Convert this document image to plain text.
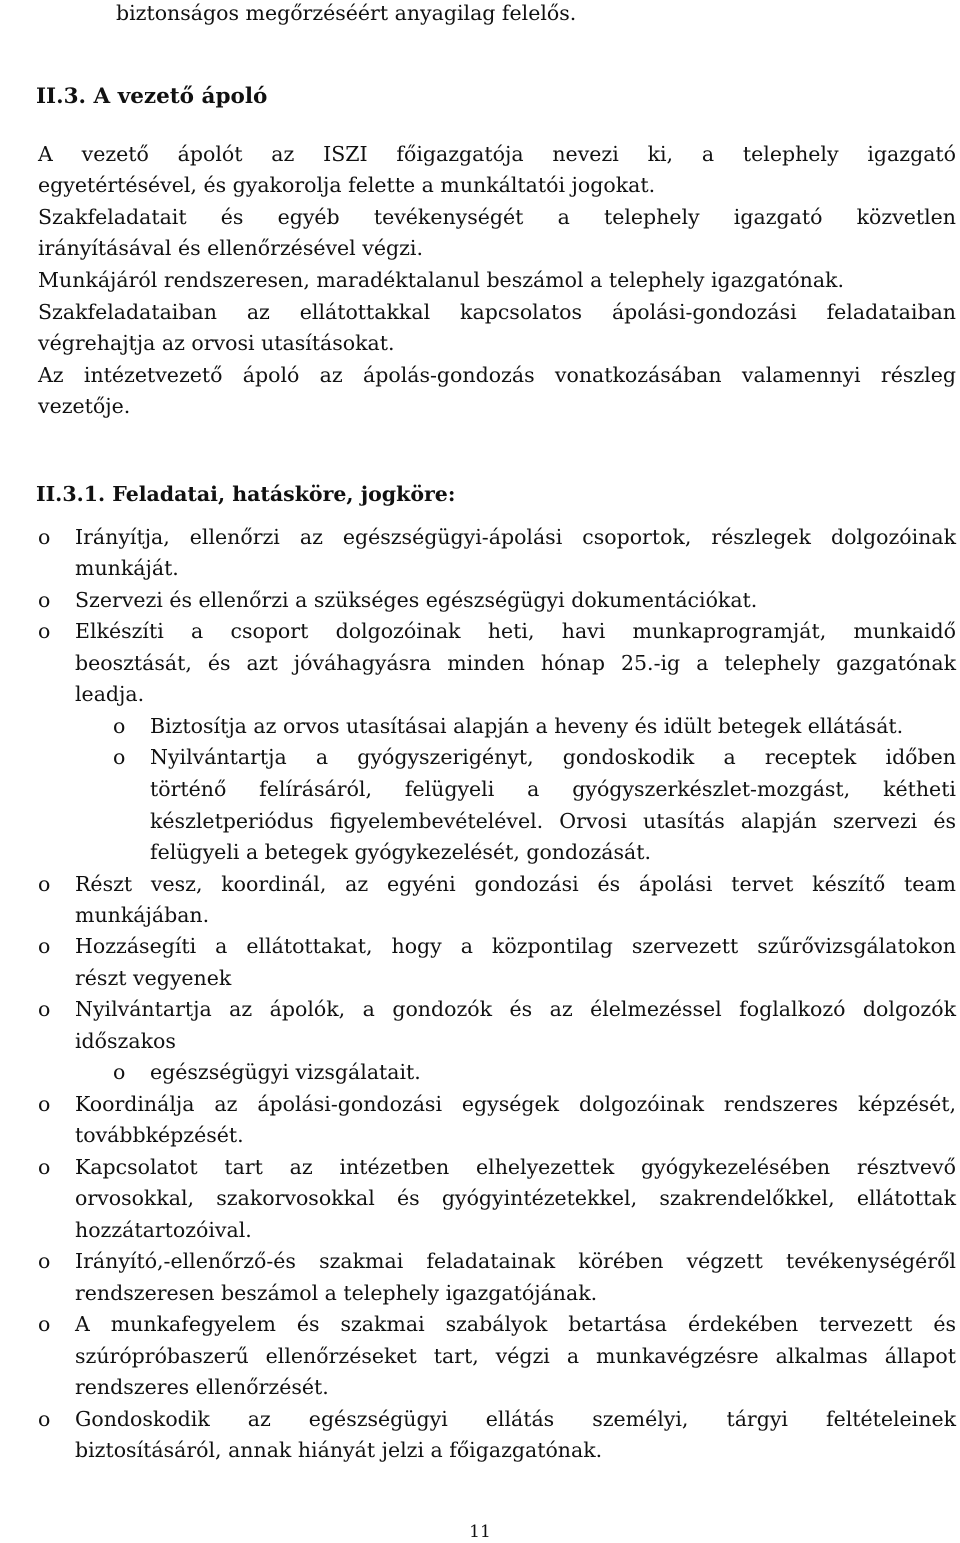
biztonságos megőrzéséért anyagilag felelős.
II.3. A vezető ápoló
A vezető ápolót az ISZI főigazgatója nevezi ki, a telephely igazgató
egyetértésével, és gyakorolja felette a munkáltatói jogokat.
Szakfeladatait és egyéb tevékenységét a telephely igazgató közvetlen
irányításával és ellenőrzésével végzi.
Munkájáról rendszeresen, maradéktalanul beszámol a telephely igazgatónak.
Szakfeladataiban az ellátottakkal kapcsolatos ápolási-gondozási feladataiban
végrehajtja az orvosi utasításokat.
Az intézetvezető ápoló az ápolás-gondozás vonatkozásában valamennyi részleg
vezetője.
II.3.1. Feladatai, hatásköre, jogköre:
o Irányítja, ellenőrzi az egészségügyi-ápolási csoportok, részlegek dolgozóinak
munkáját.
o Szervezi és ellenőrzi a szükséges egészségügyi dokumentációkat.
o Elkészíti a csoport dolgozóinak heti, havi munkaprogramját, munkaidő
beosztását, és azt jóváhagyásra minden hónap 25.-ig a telephely gazgatónak
leadja.
o Biztosítja az orvos utasításai alapján a heveny és idült betegek ellátását.
o Nyilvántartja a gyógyszerigényt, gondoskodik a receptek időben
történő felírásáról, felügyeli a gyógyszerkészlet-mozgást, kétheti
készletperiódus figyelembevételével. Orvosi utasítás alapján szervezi és
felügyeli a betegek gyógykezelését, gondozását.
o Részt vesz, koordinál, az egyéni gondozási és ápolási tervet készítő team
munkájában.
o Hozzásegíti a ellátottakat, hogy a központilag szervezett szűrővizsgálatokon
részt vegyenek
o Nyilvántartja az ápolók, a gondozók és az élelmezéssel foglalkozó dolgozók
időszakos
o egészségügyi vizsgálatait.
o Koordinálja az ápolási-gondozási egységek dolgozóinak rendszeres képzését,
továbbképzését.
o Kapcsolatot tart az intézetben elhelyezettek gyógykezelésében résztvevő
orvosokkal, szakorvosokkal és gyógyintézetekkel, szakrendelőkkel, ellátottak
hozzátartozóival.
o Irányító,-ellenőrző-és szakmai feladatainak körében végzett tevékenységéről
rendszeresen beszámol a telephely igazgatójának.
o A munkafegyelem és szakmai szabályok betartása érdekében tervezett és
szúrópróbaszerű ellenőrzéseket tart, végzi a munkavégzésre alkalmas állapot
rendszeres ellenőrzését.
o Gondoskodik az egészségügyi ellátás személyi, tárgyi feltételeinek
biztosításáról, annak hiányát jelzi a főigazgatónak.
11
